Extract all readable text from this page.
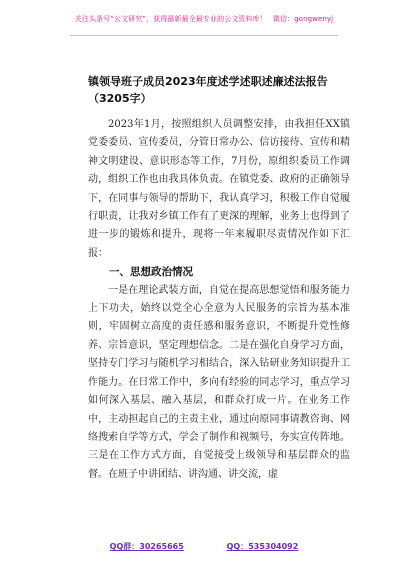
关注头条号“公文研究”，获得最新最全最专业的公文资料库！ 微信：gongwenyj
镇领导班子成员2023年度述学述职述廉述法报告（3205字）

2023年1月，按照组织人员调整安排，由我担任XX镇党委委员、宣传委员，分管日常办公、信访接待、宣传和精神文明建设、意识形态等工作，7月份，原组织委员工作调动，组织工作也由我具体负责。在镇党委、政府的正确领导下，在同事与领导的帮助下，我认真学习，积极工作自觉履行职责，让我对乡镇工作有了更深的理解，业务上也得到了进一步的锻炼和提升，现将一年来履职尽责情况作如下汇报：

一、思想政治情况

一是在理论武装方面，自觉在提高思想觉悟和服务能力上下功夫，始终以党全心全意为人民服务的宗旨为基本准则，牢固树立高度的责任感和服务意识，不断提升党性修养、宗旨意识，坚定理想信念。二是在强化自身学习方面，坚持专门学习与随机学习相结合，深入钻研业务知识提升工作能力。在日常工作中，多向有经验的同志学习，重点学习如何深入基层、融入基层，和群众打成一片。在业务工作中，主动担起自己的主责主业，通过向原同事请教咨询、网络搜索自学等方式，学会了制作和视频号，夯实宣传阵地。三是在工作方式方面，自觉接受上级领导和基层群众的监督。在班子中讲团结、讲沟通、讲交流，虚

QQ群：30265665	QQ：535304092
